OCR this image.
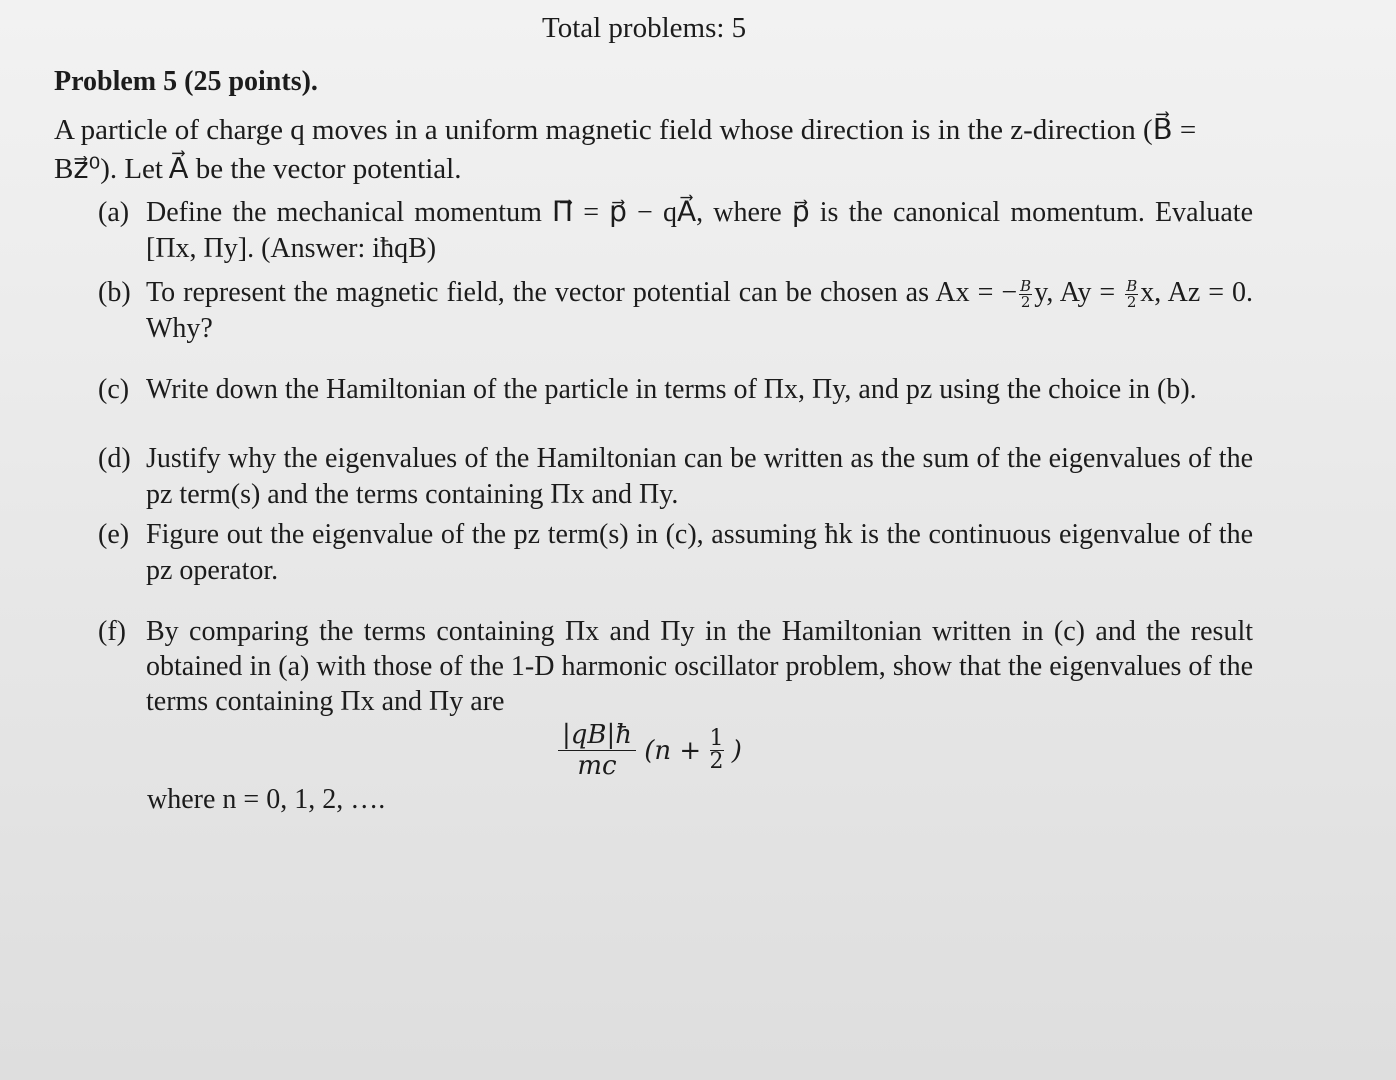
Total problems: 5
Problem 5 (25 points).
A particle of charge q moves in a uniform magnetic field whose direction is in the z-direction (B⃗ = Bz⃗⁰). Let A⃗ be the vector potential.
(a) Define the mechanical momentum Π⃗ = p⃗ − qA⃗, where p⃗ is the canonical momentum. Evaluate [Πx, Πy]. (Answer: iħqB)
(b) To represent the magnetic field, the vector potential can be chosen as Ax = − $\frac{B}{2} y$, $Ay = \frac{B}{2} x$, Az = 0. Why?
(c) Write down the Hamiltonian of the particle in terms of Πx, Πy, and pz using the choice in (b).
(d) Justify why the eigenvalues of the Hamiltonian can be written as the sum of the eigenvalues of the pz term(s) and the terms containing Πx and Πy.
(e) Figure out the eigenvalue of the pz term(s) in (c), assuming ħk is the continuous eigenvalue of the pz operator.
(f) By comparing the terms containing Πx and Πy in the Hamiltonian written in (c) and the result obtained in (a) with those of the 1-D harmonic oscillator problem, show that the eigenvalues of the terms containing Πx and Πy are
$\frac{|qB|ħ}{mc} (n + \frac{1}{2}$ )
where n = 0, 1, 2, ….
